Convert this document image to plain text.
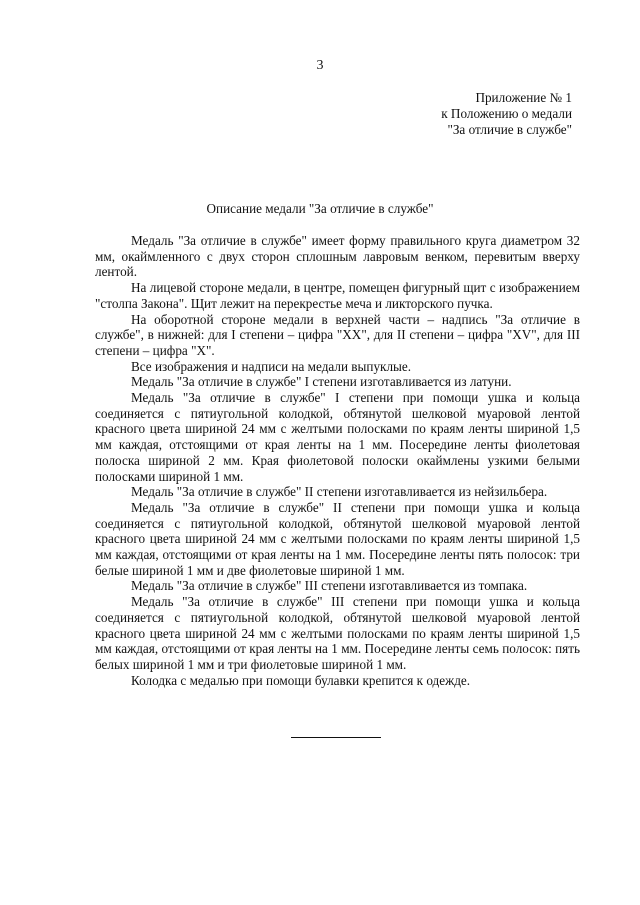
3
Приложение № 1
к Положению о медали
"За отличие в службе"
Описание медали "За отличие в службе"

Медаль "За отличие в службе" имеет форму правильного круга диаметром 32 мм, окаймленного с двух сторон сплошным лавровым венком, перевитым вверху лентой.

На лицевой стороне медали, в центре, помещен фигурный щит с изображением "столпа Закона". Щит лежит на перекрестье меча и ликторского пучка.

На оборотной стороне медали в верхней части – надпись "За отличие в службе", в нижней: для I степени – цифра "XX", для II степени – цифра "XV", для III степени – цифра "X".

Все изображения и надписи на медали выпуклые.

Медаль "За отличие в службе" I степени изготавливается из латуни.

Медаль "За отличие в службе" I степени при помощи ушка и кольца соединяется с пятиугольной колодкой, обтянутой шелковой муаровой лентой красного цвета шириной 24 мм с желтыми полосками по краям ленты шириной 1,5 мм каждая, отстоящими от края ленты на 1 мм. Посередине ленты фиолетовая полоска шириной 2 мм. Края фиолетовой полоски окаймлены узкими белыми полосками шириной 1 мм.

Медаль "За отличие в службе" II степени изготавливается из нейзильбера.

Медаль "За отличие в службе" II степени при помощи ушка и кольца соединяется с пятиугольной колодкой, обтянутой шелковой муаровой лентой красного цвета шириной 24 мм с желтыми полосками по краям ленты шириной 1,5 мм каждая, отстоящими от края ленты на 1 мм. Посередине ленты пять полосок: три белые шириной 1 мм и две фиолетовые шириной 1 мм.

Медаль "За отличие в службе" III степени изготавливается из томпака.

Медаль "За отличие в службе" III степени при помощи ушка и кольца соединяется с пятиугольной колодкой, обтянутой шелковой муаровой лентой красного цвета шириной 24 мм с желтыми полосками по краям ленты шириной 1,5 мм каждая, отстоящими от края ленты на 1 мм. Посередине ленты семь полосок: пять белых шириной 1 мм и три фиолетовые шириной 1 мм.

Колодка с медалью при помощи булавки крепится к одежде.
